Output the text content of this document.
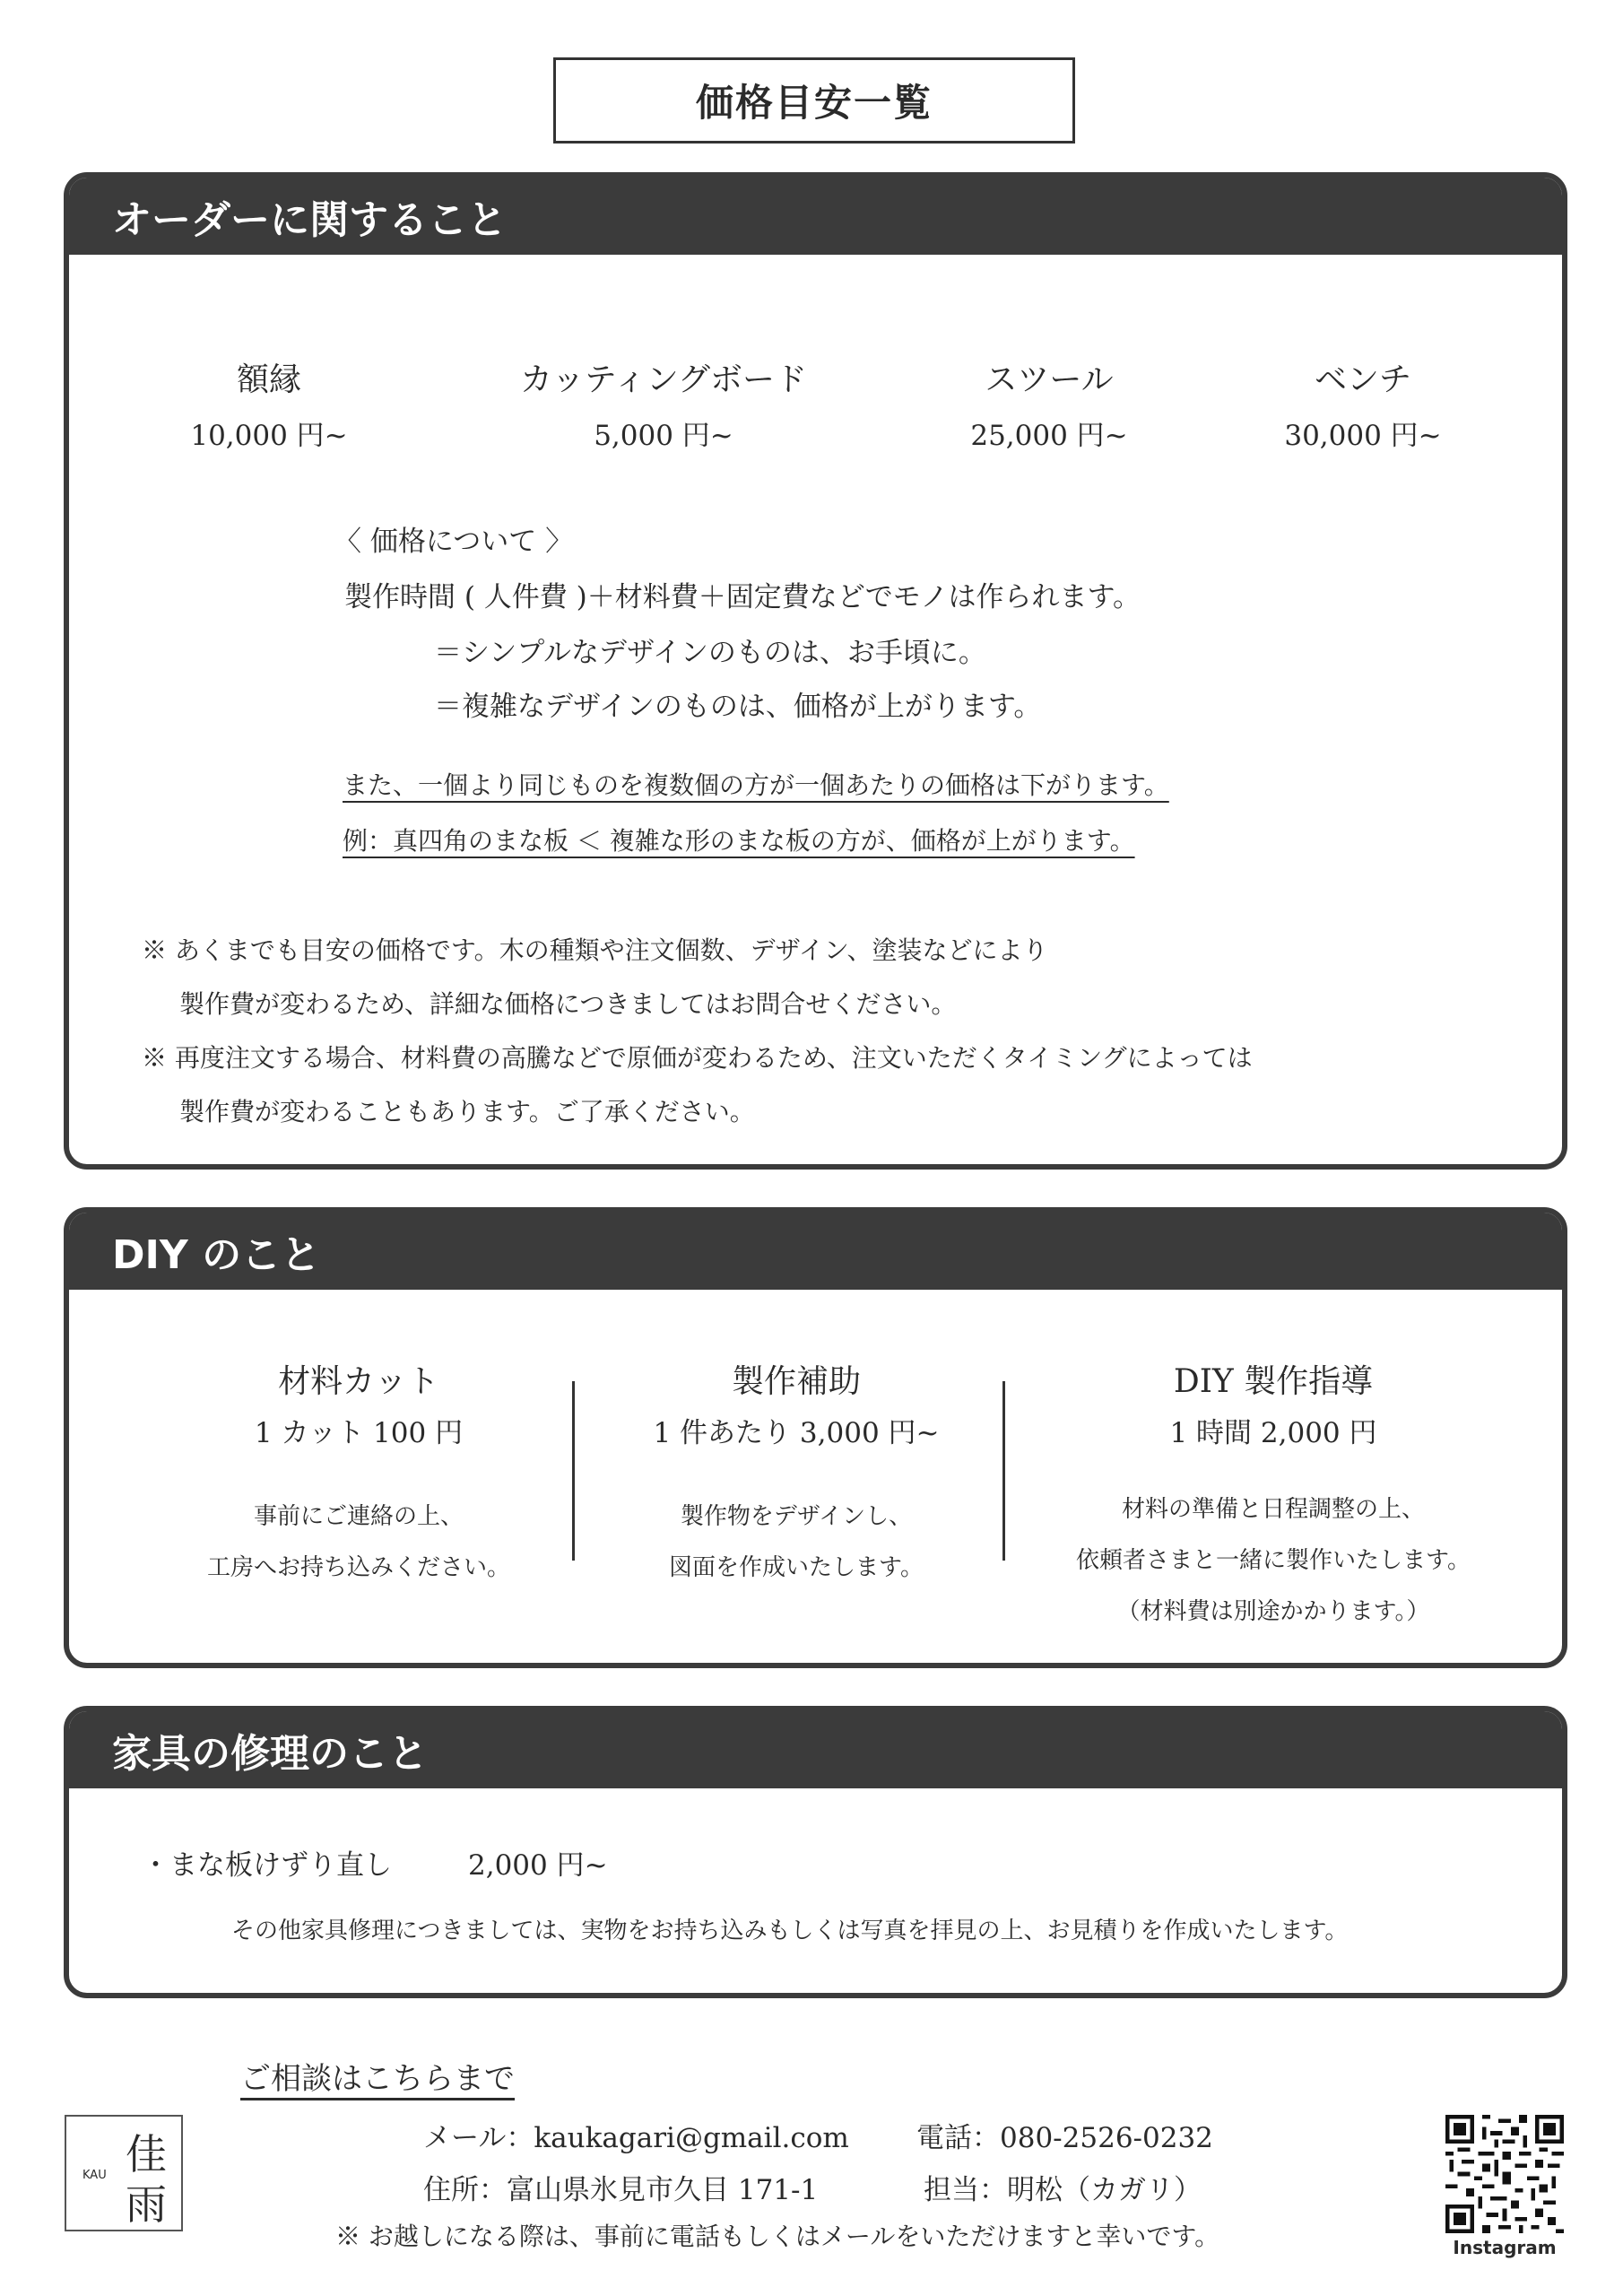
価格目安一覧
オーダーに関すること
額縁
10,000 円~
カッティングボード
5,000 円~
スツール
25,000 円~
ベンチ
30,000 円~
〈 価格について 〉
製作時間 ( 人件費 )＋材料費＋固定費などでモノは作られます。
＝シンプルなデザインのものは、お手頃に。
＝複雑なデザインのものは、価格が上がります。
また、一個より同じものを複数個の方が一個あたりの価格は下がります。
例：真四角のまな板 ＜ 複雑な形のまな板の方が、価格が上がります。
※ あくまでも目安の価格です。木の種類や注文個数、デザイン、塗装などにより
製作費が変わるため、詳細な価格につきましてはお問合せください。
※ 再度注文する場合、材料費の高騰などで原価が変わるため、注文いただくタイミングによっては
製作費が変わることもあります。ご了承ください。
DIY のこと
材料カット
1 カット 100 円
事前にご連絡の上、
工房へお持ち込みください。
製作補助
1 件あたり 3,000 円~
製作物をデザインし、
図面を作成いたします。
DIY 製作指導
1 時間 2,000 円
材料の準備と日程調整の上、
依頼者さまと一緒に製作いたします。
（材料費は別途かかります。）
家具の修理のこと
・まな板けずり直し	2,000 円~
その他家具修理につきましては、実物をお持ち込みもしくは写真を拝見の上、お見積りを作成いたします。
ご相談はこちらまで
KAU 佳
雨
メール：kaukagari@gmail.com 電話：080-2526-0232
住所：富山県氷見市久目 171-1	担当：明松（カガリ）
※ お越しになる際は、事前に電話もしくはメールをいただけますと幸いです。	Instagram
